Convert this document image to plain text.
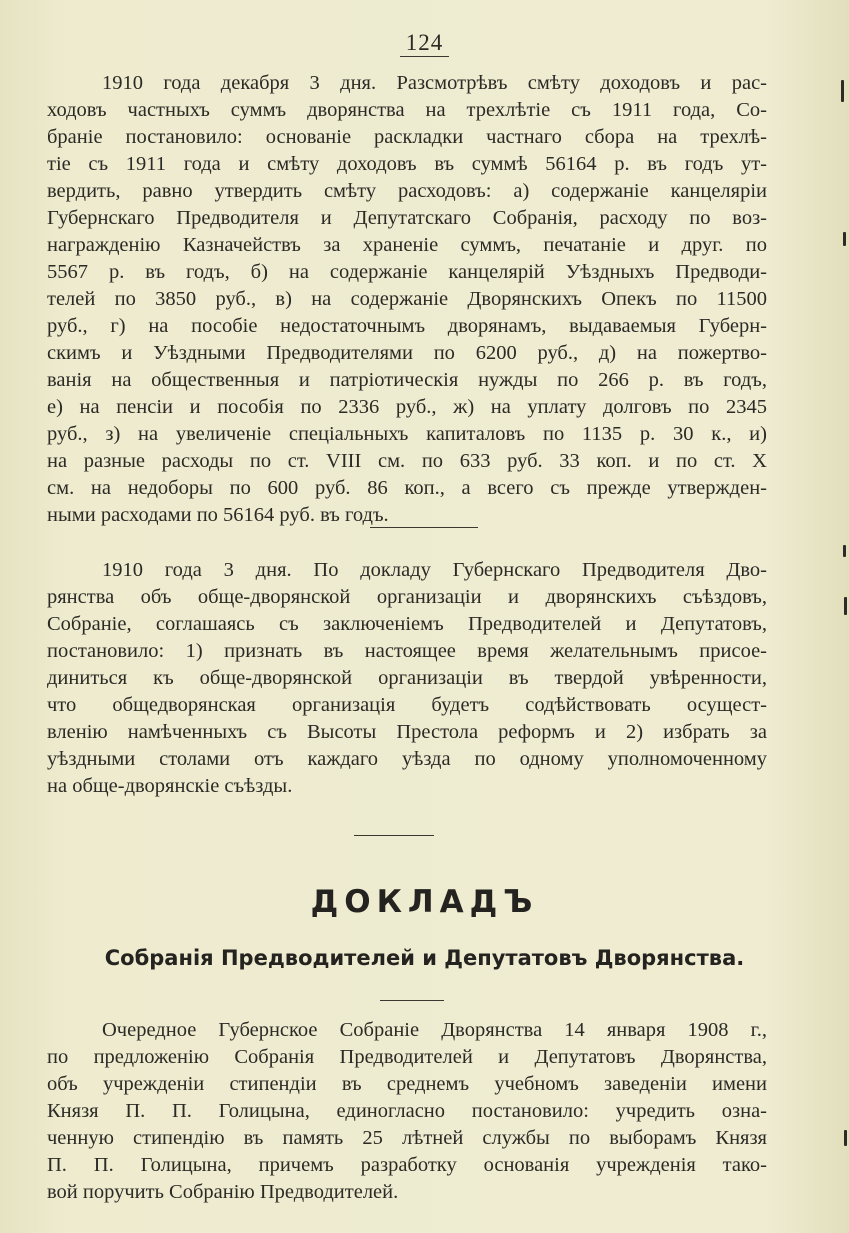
124

1910 года декабря 3 дня. Разсмотрѣвъ смѣту доходовъ и рас-

ходовъ частныхъ суммъ дворянства на трехлѣтіе съ 1911 года, Со-

браніе постановило: основаніе раскладки частнаго сбора на трехлѣ-

тіе съ 1911 года и смѣту доходовъ въ суммѣ 56164 р. въ годъ ут-

вердить, равно утвердить смѣту расходовъ: а) содержаніе канцеляріи

Губернскаго Предводителя и Депутатскаго Собранія, расходу по воз-

награжденію Казначействъ за храненіе суммъ, печатаніе и друг. по

5567 р. въ годъ, б) на содержаніе канцелярій Уѣздныхъ Предводи-

телей по 3850 руб., в) на содержаніе Дворянскихъ Опекъ по 11500

руб., г) на пособіе недостаточнымъ дворянамъ, выдаваемыя Губерн-

скимъ и Уѣздными Предводителями по 6200 руб., д) на пожертво-

ванія на общественныя и патріотическія нужды по 266 р. въ годъ,

е) на пенсіи и пособія по 2336 руб., ж) на уплату долговъ по 2345

руб., з) на увеличеніе спеціальныхъ капиталовъ по 1135 р. 30 к., и)

на разные расходы по ст. VIII см. по 633 руб. 33 коп. и по ст. X

см. на недоборы по 600 руб. 86 коп., а всего съ прежде утвержден-

ными расходами по 56164 руб. въ годъ.

1910 года 3 дня. По докладу Губернскаго Предводителя Дво-

рянства объ обще-дворянской организаціи и дворянскихъ съѣздовъ,

Собраніе, соглашаясь съ заключеніемъ Предводителей и Депутатовъ,

постановило: 1) признать въ настоящее время желательнымъ присое-

диниться къ обще-дворянской организаціи въ твердой увѣренности,

что общедворянская организація будетъ содѣйствовать осущест-

вленію намѣченныхъ съ Высоты Престола реформъ и 2) избрать за

уѣздными столами отъ каждаго уѣзда по одному уполномоченному

на обще-дворянскіе съѣзды.

ДОКЛАДЪ
Собранія Предводителей и Депутатовъ Дворянства.

Очередное Губернское Собраніе Дворянства 14 января 1908 г.,

по предложенію Собранія Предводителей и Депутатовъ Дворянства,

объ учрежденіи стипендіи въ среднемъ учебномъ заведеніи имени

Князя П. П. Голицына, единогласно постановило: учредить озна-

ченную стипендію въ память 25 лѣтней службы по выборамъ Князя

П. П. Голицына, причемъ разработку основанія учрежденія тако-

вой поручить Собранію Предводителей.
